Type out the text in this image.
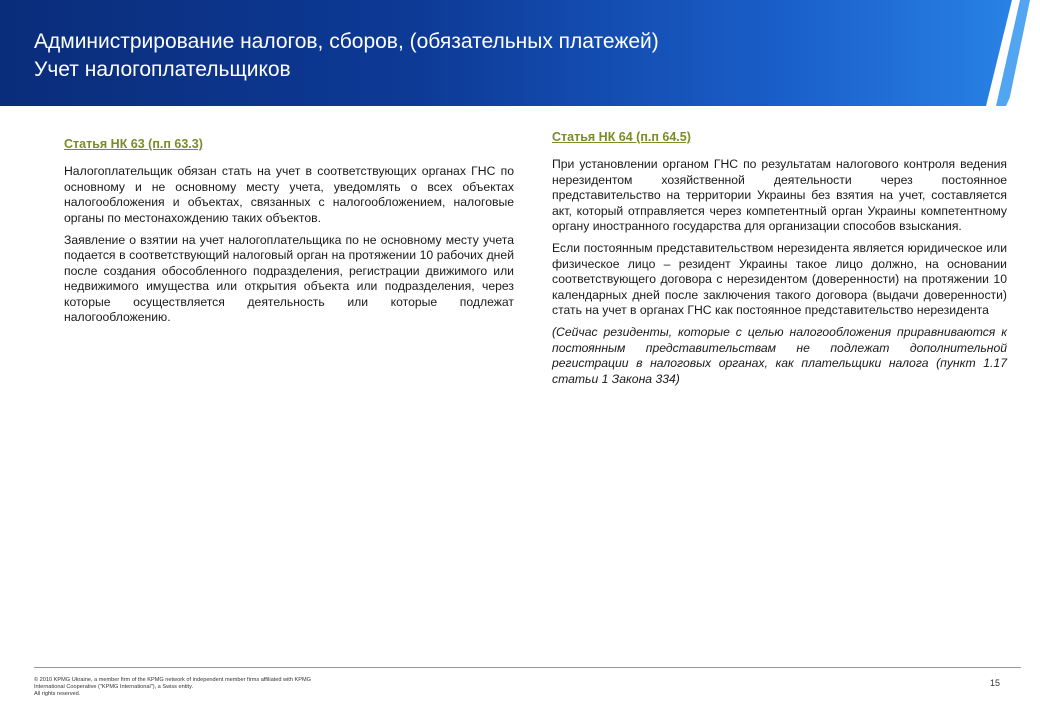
Администрирование налогов, сборов, (обязательных платежей)
Учет налогоплательщиков
Статья НК 63 (п.п 63.3)

Налогоплательщик обязан стать на учет в соответствующих органах ГНС по основному и не основному месту учета, уведомлять о всех объектах налогообложения и объектах, связанных с налогообложением, налоговые органы по местонахождению таких объектов.

Заявление о взятии на учет налогоплательщика по не основному месту учета подается в соответствующий налоговый орган на протяжении 10 рабочих дней после создания обособленного подразделения, регистрации движимого или недвижимого имущества или открытия объекта или подразделения, через которые осуществляется деятельность или которые подлежат налогообложению.

Статья НК 64 (п.п 64.5)

При установлении органом ГНС по результатам налогового контроля ведения нерезидентом хозяйственной деятельности через постоянное представительство на территории Украины без взятия на учет, составляется акт, который отправляется через компетентный орган Украины компетентному органу иностранного государства для организации способов взыскания.

Если постоянным представительством нерезидента является юридическое или физическое лицо – резидент Украины такое лицо должно, на основании соответствующего договора с нерезидентом (доверенности) на протяжении 10 календарных дней после заключения такого договора (выдачи доверенности) стать на учет в органах ГНС как постоянное представительство нерезидента

(Сейчас резиденты, которые с целью налогообложения приравниваются к постоянным представительствам не подлежат дополнительной регистрации в налоговых органах, как плательщики налога (пункт 1.17 статьи 1 Закона 334)

© 2010 KPMG Ukraine, a member firm of the KPMG network of independent member firms affiliated with KPMG
International Cooperative ("KPMG International"), a Swiss entity.
All rights reserved.
15
